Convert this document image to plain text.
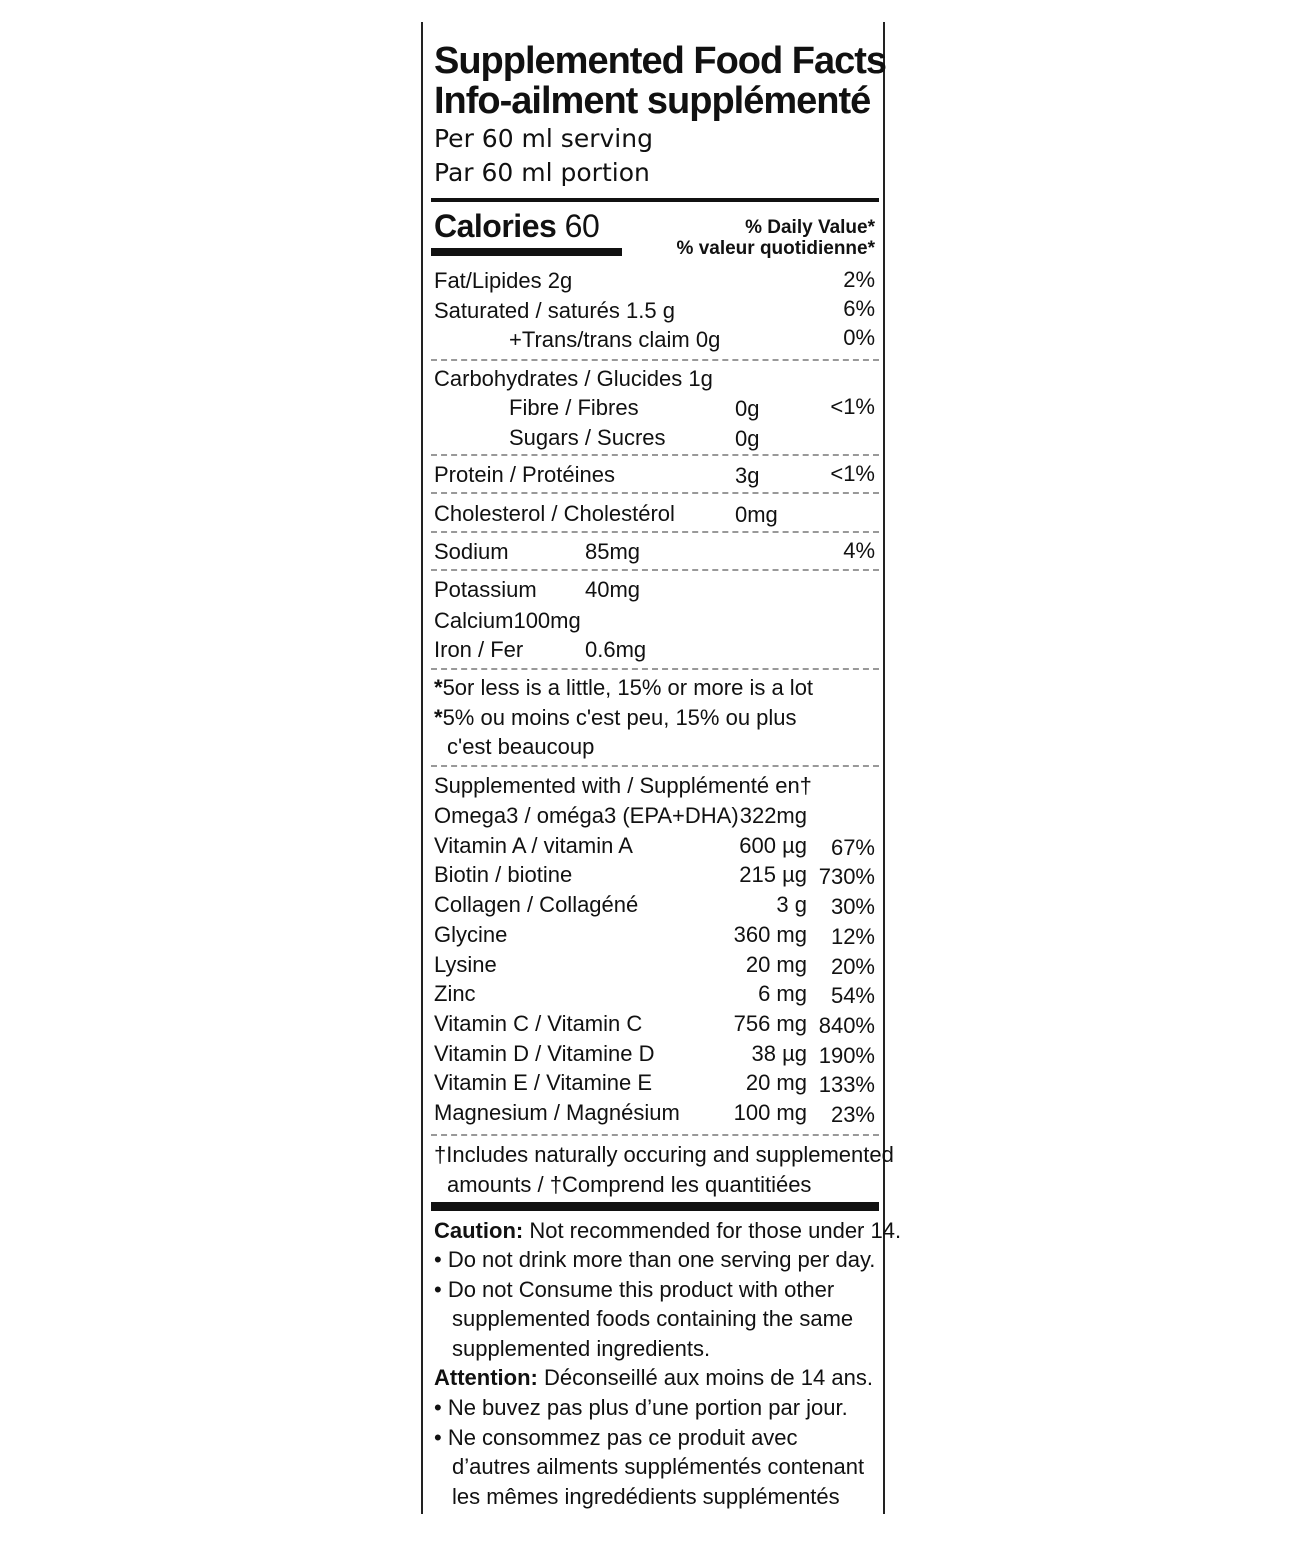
Supplemented Food Facts
Info-ailment supplémenté
Per 60 ml serving
Par 60 ml portion
Calories 60	% Daily Value*
% valeur quotidienne*
Fat/Lipides 2g	2%
Saturated / saturés 1.5 g	6%
+Trans/trans claim 0g	0%
Carbohydrates / Glucides 1g
Fibre / Fibres	0g	<1%
Sugars / Sucres	0g
Protein / Protéines	3g	<1%
Cholesterol / Cholestérol	0mg
Sodium	85mg	4%
Potassium 40mg
Calcium100mg
Iron / Fer	0.6mg
*5or less is a little, 15% or more is a lot
*5% ou moins c'est peu, 15% ou plus
c'est beaucoup
Supplemented with / Supplémenté en†
Omega3 / oméga3 (EPA+DHA) 322mg
Vitamin A / vitamin A	600 µg 67%
Biotin / biotine	215 µg 730%
Collagen / Collagéné	3 g 30%
Glycine	360 mg 12%
Lysine	20 mg 20%
Zinc	6 mg 54%
Vitamin C / Vitamin C	756 mg 840%
Vitamin D / Vitamine D	38 µg 190%
Vitamin E / Vitamine E	20 mg 133%
Magnesium / Magnésium 100 mg 23%
†Includes naturally occuring and supplemented
amounts / †Comprend les quantitiées
Caution: Not recommended for those under 14.
• Do not drink more than one serving per day.
• Do not Consume this product with other
supplemented foods containing the same
supplemented ingredients.
Attention: Déconseillé aux moins de 14 ans.
• Ne buvez pas plus d’une portion par jour.
• Ne consommez pas ce produit avec
d’autres ailments supplémentés contenant
les mêmes ingredédients supplémentés
